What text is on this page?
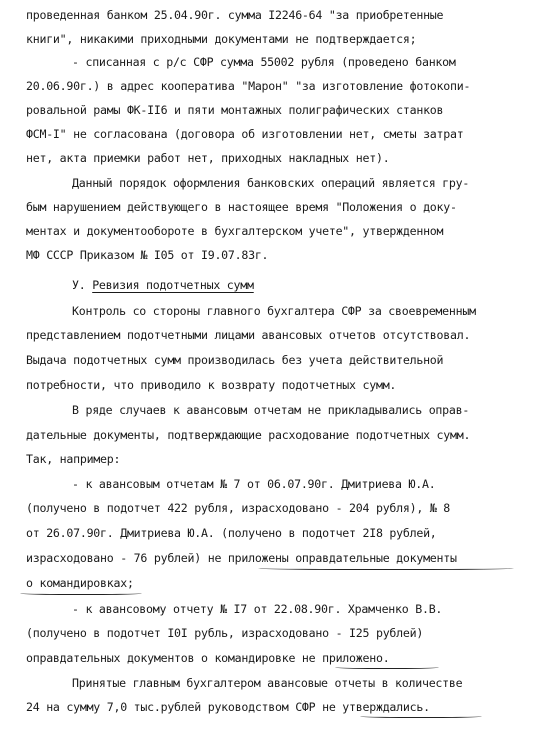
проведенная банком 25.04.90г. сумма I2246-64 "за приобретенные
книги", никакими приходными документами не подтверждается;
- списанная с р/с СФР сумма 55002 рубля (проведено банком
20.06.90г.) в адрес кооператива "Марон" "за изготовление фотокопи-
ровальной рамы ФК-II6 и пяти монтажных полиграфических станков
ФСМ-I" не согласована (договора об изготовлении нет, сметы затрат
нет, акта приемки работ нет, приходных накладных нет).
Данный порядок оформления банковских операций является гру-
бым нарушением действующего в настоящее время "Положения о доку-
ментах и документообороте в бухгалтерском учете", утвержденном
МФ СССР Приказом № I05 от I9.07.83г.
У. Ревизия подотчетных сумм
Контроль со стороны главного бухгалтера СФР за своевременным
представлением подотчетными лицами авансовых отчетов отсутствовал.
Выдача подотчетных сумм производилась без учета действительной
потребности, что приводило к возврату подотчетных сумм.
В ряде случаев к авансовым отчетам не прикладывались оправ-
дательные документы, подтверждающие расходование подотчетных сумм.
Так, например:
- к авансовым отчетам № 7 от 06.07.90г. Дмитриева Ю.А.
(получено в подотчет 422 рубля, израсходовано - 204 рубля), № 8
от 26.07.90г. Дмитриева Ю.А. (получено в подотчет 2I8 рублей,
израсходовано - 76 рублей) не приложены оправдательные документы
о командировках;
- к авансовому отчету № I7 от 22.08.90г. Храмченко В.В.
(получено в подотчет I0I рубль, израсходовано - I25 рублей)
оправдательных документов о командировке не приложено.
Принятые главным бухгалтером авансовые отчеты в количестве
24 на сумму 7,0 тыс.рублей руководством СФР не утверждались.
